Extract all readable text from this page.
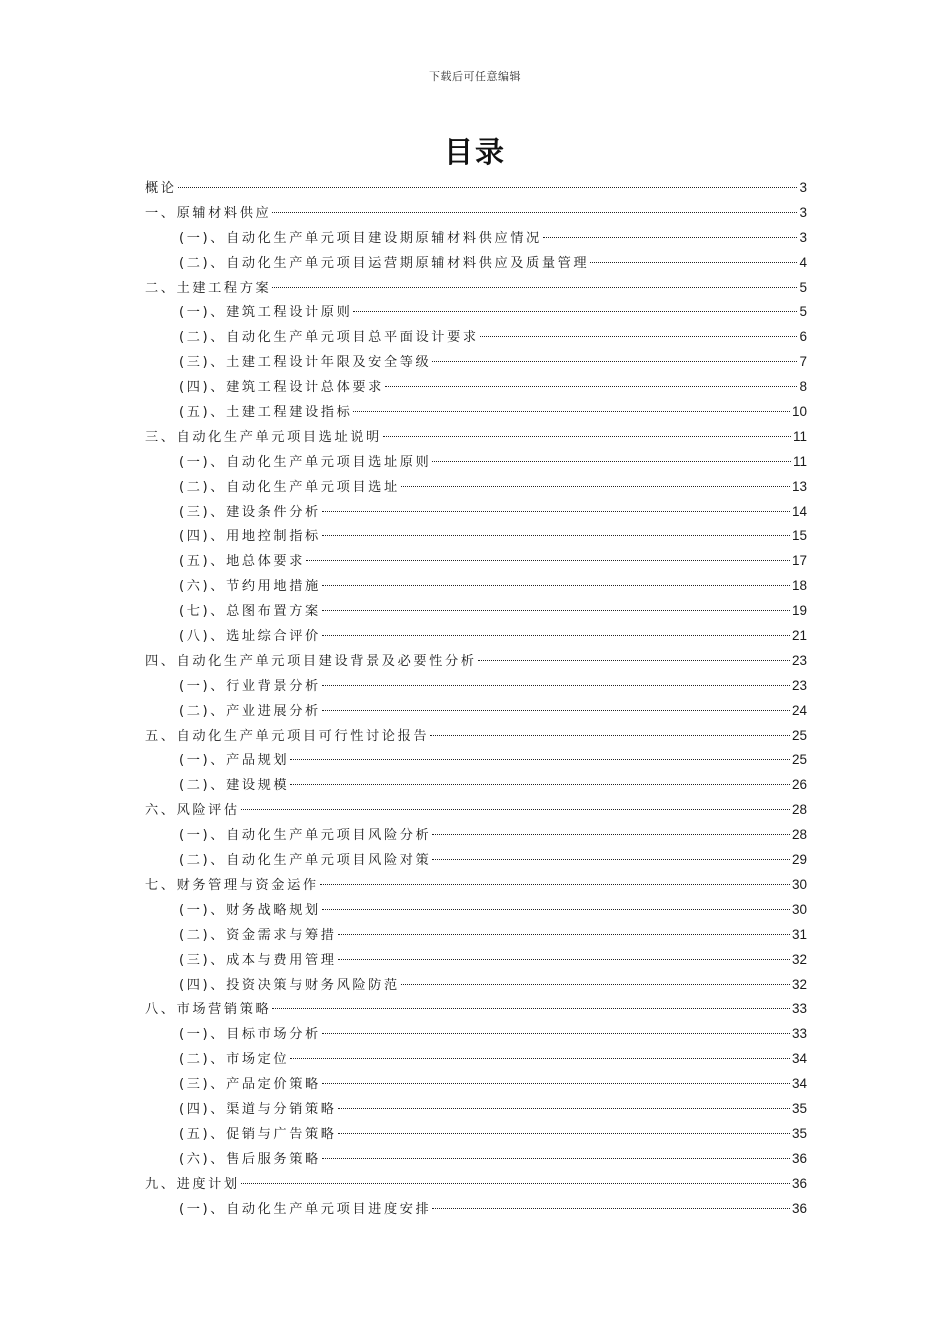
下载后可任意编辑
目录
概论	3
一、原辅材料供应	3
(一)、自动化生产单元项目建设期原辅材料供应情况	3
(二)、自动化生产单元项目运营期原辅材料供应及质量管理	4
二、土建工程方案	5
(一)、建筑工程设计原则	5
(二)、自动化生产单元项目总平面设计要求	6
(三)、土建工程设计年限及安全等级	7
(四)、建筑工程设计总体要求	8
(五)、土建工程建设指标	10
三、自动化生产单元项目选址说明	11
(一)、自动化生产单元项目选址原则	11
(二)、自动化生产单元项目选址	13
(三)、建设条件分析	14
(四)、用地控制指标	15
(五)、地总体要求	17
(六)、节约用地措施	18
(七)、总图布置方案	19
(八)、选址综合评价	21
四、自动化生产单元项目建设背景及必要性分析	23
(一)、行业背景分析	23
(二)、产业进展分析	24
五、自动化生产单元项目可行性讨论报告	25
(一)、产品规划	25
(二)、建设规模	26
六、风险评估	28
(一)、自动化生产单元项目风险分析	28
(二)、自动化生产单元项目风险对策	29
七、财务管理与资金运作	30
(一)、财务战略规划	30
(二)、资金需求与筹措	31
(三)、成本与费用管理	32
(四)、投资决策与财务风险防范	32
八、市场营销策略	33
(一)、目标市场分析	33
(二)、市场定位	34
(三)、产品定价策略	34
(四)、渠道与分销策略	35
(五)、促销与广告策略	35
(六)、售后服务策略	36
九、进度计划	36
(一)、自动化生产单元项目进度安排	36
